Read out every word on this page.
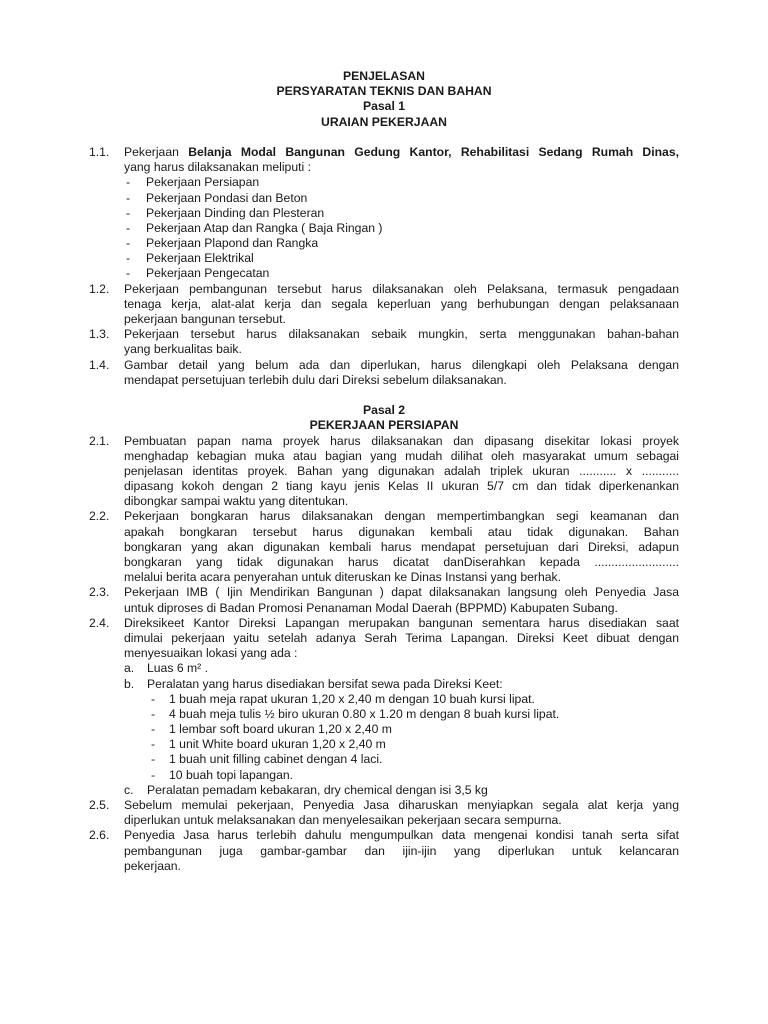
PENJELASAN
PERSYARATAN TEKNIS DAN BAHAN
Pasal 1
URAIAN PEKERJAAN
1.1. Pekerjaan Belanja Modal Bangunan Gedung Kantor, Rehabilitasi Sedang Rumah Dinas,
yang harus dilaksanakan meliputi :
- Pekerjaan Persiapan
- Pekerjaan Pondasi dan Beton
- Pekerjaan Dinding dan Plesteran
- Pekerjaan Atap dan Rangka ( Baja Ringan )
- Pekerjaan Plapond dan Rangka
- Pekerjaan Elektrikal
- Pekerjaan Pengecatan
1.2. Pekerjaan pembangunan tersebut harus dilaksanakan oleh Pelaksana, termasuk pengadaan
tenaga kerja, alat-alat kerja dan segala keperluan yang berhubungan dengan pelaksanaan
pekerjaan bangunan tersebut.
1.3. Pekerjaan tersebut harus dilaksanakan sebaik mungkin, serta menggunakan bahan-bahan
yang berkualitas baik.
1.4. Gambar detail yang belum ada dan diperlukan, harus dilengkapi oleh Pelaksana dengan
mendapat persetujuan terlebih dulu dari Direksi sebelum dilaksanakan.
Pasal 2
PEKERJAAN PERSIAPAN
2.1. Pembuatan papan nama proyek harus dilaksanakan dan dipasang disekitar lokasi proyek
menghadap kebagian muka atau bagian yang mudah dilihat oleh masyarakat umum sebagai
penjelasan identitas proyek. Bahan yang digunakan adalah triplek ukuran ........... x ...........
dipasang kokoh dengan 2 tiang kayu jenis Kelas II ukuran 5/7 cm dan tidak diperkenankan
dibongkar sampai waktu yang ditentukan.
2.2. Pekerjaan bongkaran harus dilaksanakan dengan mempertimbangkan segi keamanan dan
apakah bongkaran tersebut harus digunakan kembali atau tidak digunakan. Bahan
bongkaran yang akan digunakan kembali harus mendapat persetujuan dari Direksi, adapun
bongkaran yang tidak digunakan harus dicatat danDiserahkan kepada .........................
melalui berita acara penyerahan untuk diteruskan ke Dinas Instansi yang berhak.
2.3. Pekerjaan IMB ( Ijin Mendirikan Bangunan ) dapat dilaksanakan langsung oleh Penyedia Jasa
untuk diproses di Badan Promosi Penanaman Modal Daerah (BPPMD) Kabupaten Subang.
2.4. Direksikeet Kantor Direksi Lapangan merupakan bangunan sementara harus disediakan saat
dimulai pekerjaan yaitu setelah adanya Serah Terima Lapangan. Direksi Keet dibuat dengan
menyesuaikan lokasi yang ada :
a. Luas 6 m² .
b. Peralatan yang harus disediakan bersifat sewa pada Direksi Keet:
- 1 buah meja rapat ukuran 1,20 x 2,40 m dengan 10 buah kursi lipat.
- 4 buah meja tulis ½ biro ukuran 0.80 x 1.20 m dengan 8 buah kursi lipat.
- 1 lembar soft board ukuran 1,20 x 2,40 m
- 1 unit White board ukuran 1,20 x 2,40 m
- 1 buah unit filling cabinet dengan 4 laci.
- 10 buah topi lapangan.
c. Peralatan pemadam kebakaran, dry chemical dengan isi 3,5 kg
2.5. Sebelum memulai pekerjaan, Penyedia Jasa diharuskan menyiapkan segala alat kerja yang
diperlukan untuk melaksanakan dan menyelesaikan pekerjaan secara sempurna.
2.6. Penyedia Jasa harus terlebih dahulu mengumpulkan data mengenai kondisi tanah serta sifat
pembangunan juga gambar-gambar dan ijin-ijin yang diperlukan untuk kelancaran
pekerjaan.
